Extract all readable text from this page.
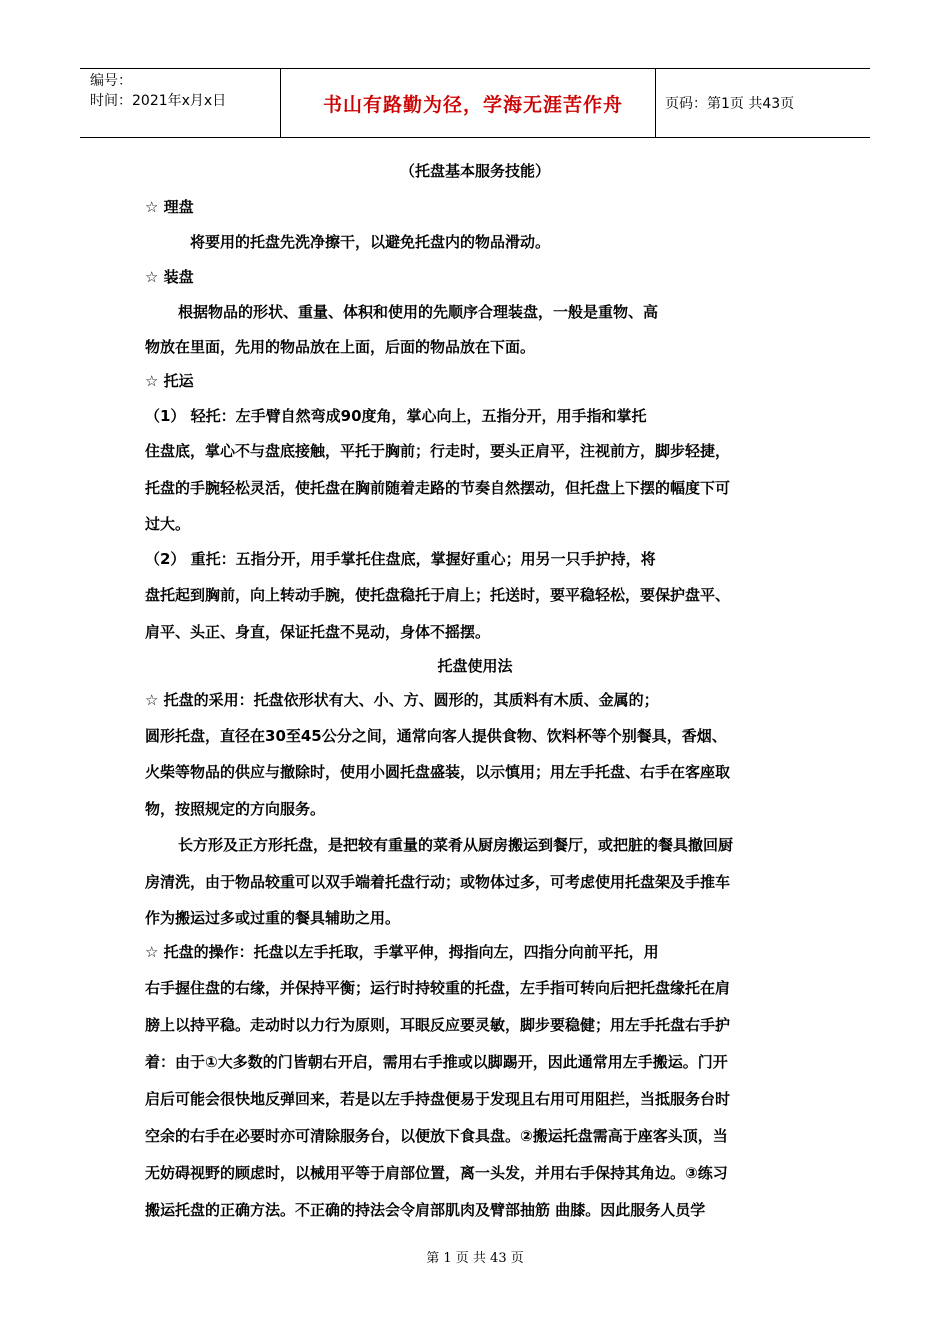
编号：
时间：2021年x月x日	书山有路勤为径，学海无涯苦作舟	页码：第1页 共43页
（托盘基本服务技能）
☆ 理盘
将要用的托盘先洗净擦干，以避免托盘内的物品滑动。
☆ 装盘
根据物品的形状、重量、体积和使用的先顺序合理装盘，一般是重物、高
物放在里面，先用的物品放在上面，后面的物品放在下面。
☆ 托运
（1） 轻托：左手臂自然弯成90度角，掌心向上，五指分开，用手指和掌托
住盘底，掌心不与盘底接触，平托于胸前；行走时，要头正肩平，注视前方，脚步轻捷，
托盘的手腕轻松灵活，使托盘在胸前随着走路的节奏自然摆动，但托盘上下摆的幅度下可
过大。
（2） 重托：五指分开，用手掌托住盘底，掌握好重心；用另一只手护持，将
盘托起到胸前，向上转动手腕，使托盘稳托于肩上；托送时，要平稳轻松，要保护盘平、
肩平、头正、身直，保证托盘不晃动，身体不摇摆。
托盘使用法
☆ 托盘的采用：托盘依形状有大、小、方、圆形的，其质料有木质、金属的；
圆形托盘，直径在30至45公分之间，通常向客人提供食物、饮料杯等个别餐具，香烟、
火柴等物品的供应与撤除时，使用小圆托盘盛装，以示慎用；用左手托盘、右手在客座取
物，按照规定的方向服务。
长方形及正方形托盘，是把较有重量的菜肴从厨房搬运到餐厅，或把脏的餐具撤回厨
房清洗，由于物品较重可以双手端着托盘行动；或物体过多，可考虑使用托盘架及手推车
作为搬运过多或过重的餐具辅助之用。
☆ 托盘的操作：托盘以左手托取，手掌平伸，拇指向左，四指分向前平托，用
右手握住盘的右缘，并保持平衡；运行时持较重的托盘，左手指可转向后把托盘缘托在肩
膀上以持平稳。走动时以力行为原则，耳眼反应要灵敏，脚步要稳健；用左手托盘右手护
着：由于①大多数的门皆朝右开启，需用右手推或以脚踢开，因此通常用左手搬运。门开
启后可能会很快地反弹回来，若是以左手持盘便易于发现且右用可用阻拦，当抵服务台时
空余的右手在必要时亦可清除服务台，以便放下食具盘。②搬运托盘需高于座客头顶，当
无妨碍视野的顾虑时，以械用平等于肩部位置，离一头发，并用右手保持其角边。③练习
搬运托盘的正确方法。不正确的持法会令肩部肌肉及臂部抽筋 曲膝。因此服务人员学
第 1 页 共 43 页
